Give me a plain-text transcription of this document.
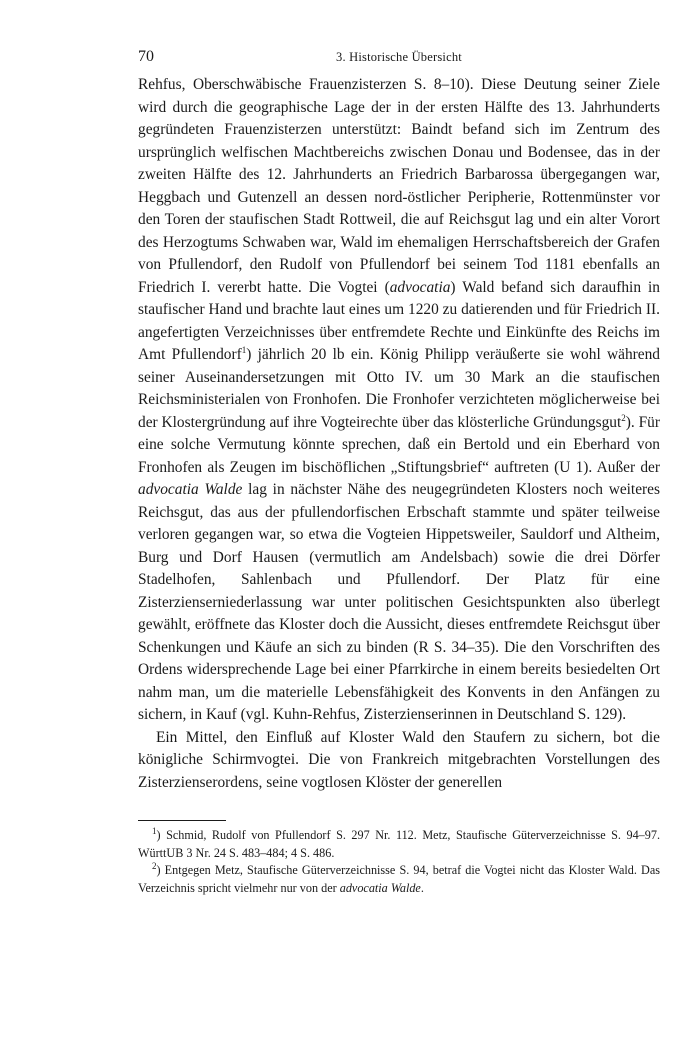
70	3. Historische Übersicht

Rehfus, Oberschwäbische Frauenzisterzen S. 8–10). Diese Deutung seiner Ziele wird durch die geographische Lage der in der ersten Hälfte des 13. Jahrhunderts gegründeten Frauenzisterzen unterstützt: Baindt befand sich im Zentrum des ursprünglich welfischen Machtbereichs zwischen Donau und Bodensee, das in der zweiten Hälfte des 12. Jahrhunderts an Friedrich Barbarossa übergegangen war, Heggbach und Gutenzell an dessen nord-östlicher Peripherie, Rottenmünster vor den Toren der staufischen Stadt Rottweil, die auf Reichsgut lag und ein alter Vorort des Herzogtums Schwaben war, Wald im ehemaligen Herrschaftsbereich der Grafen von Pfullendorf, den Rudolf von Pfullendorf bei seinem Tod 1181 ebenfalls an Friedrich I. vererbt hatte. Die Vogtei (advocatia) Wald befand sich daraufhin in staufischer Hand und brachte laut eines um 1220 zu datierenden und für Friedrich II. angefertigten Verzeichnisses über entfremdete Rechte und Einkünfte des Reichs im Amt Pfullendorf$^1$) jährlich 20 lb ein. König Philipp veräußerte sie wohl während seiner Auseinandersetzungen mit Otto IV. um 30 Mark an die staufischen Reichsministerialen von Fronhofen. Die Fronhofer verzichteten möglicherweise bei der Klostergründung auf ihre Vogteirechte über das klösterliche Gründungsgut$^2$). Für eine solche Vermutung könnte sprechen, daß ein Bertold und ein Eberhard von Fronhofen als Zeugen im bischöflichen „Stiftungsbrief“ auftreten (U 1). Außer der advocatia Walde lag in nächster Nähe des neugegründeten Klosters noch weiteres Reichsgut, das aus der pfullendorfischen Erbschaft stammte und später teilweise verloren gegangen war, so etwa die Vogteien Hippetsweiler, Sauldorf und Altheim, Burg und Dorf Hausen (vermutlich am Andelsbach) sowie die drei Dörfer Stadelhofen, Sahlenbach und Pfullendorf. Der Platz für eine Zisterzienserniederlassung war unter politischen Gesichtspunkten also überlegt gewählt, eröffnete das Kloster doch die Aussicht, dieses entfremdete Reichsgut über Schenkungen und Käufe an sich zu binden (R S. 34–35). Die den Vorschriften des Ordens widersprechende Lage bei einer Pfarrkirche in einem bereits besiedelten Ort nahm man, um die materielle Lebensfähigkeit des Konvents in den Anfängen zu sichern, in Kauf (vgl. Kuhn-Rehfus, Zisterzienserinnen in Deutschland S. 129).

Ein Mittel, den Einfluß auf Kloster Wald den Staufern zu sichern, bot die königliche Schirmvogtei. Die von Frankreich mitgebrachten Vorstellungen des Zisterzienserordens, seine vogtlosen Klöster der generellen

$^1$) Schmid, Rudolf von Pfullendorf S. 297 Nr. 112. Metz, Staufische Güterverzeichnisse S. 94–97. WürttUB 3 Nr. 24 S. 483–484; 4 S. 486.

$^2$) Entgegen Metz, Staufische Güterverzeichnisse S. 94, betraf die Vogtei nicht das Kloster Wald. Das Verzeichnis spricht vielmehr nur von der advocatia Walde.
